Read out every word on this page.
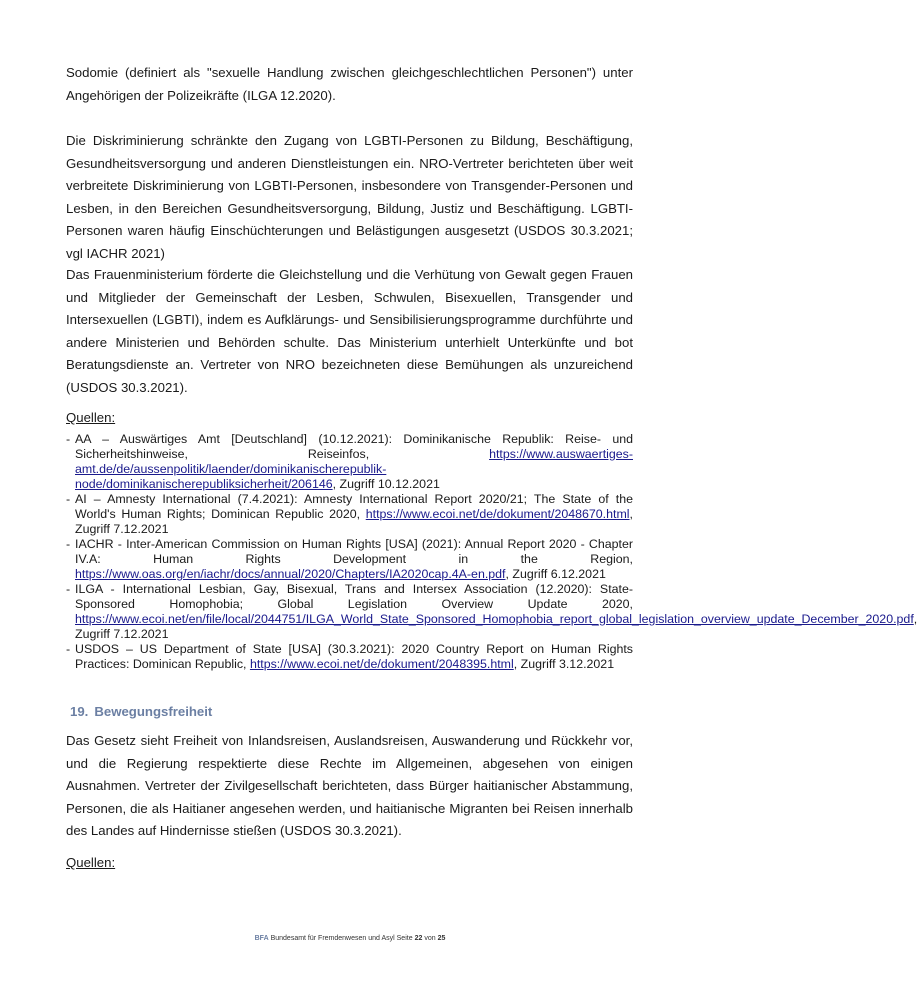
Sodomie (definiert als "sexuelle Handlung zwischen gleichgeschlechtlichen Personen") unter Angehörigen der Polizeikräfte (ILGA 12.2020).

Die Diskriminierung schränkte den Zugang von LGBTI-Personen zu Bildung, Beschäftigung, Gesundheitsversorgung und anderen Dienstleistungen ein. NRO-Vertreter berichteten über weit verbreitete Diskriminierung von LGBTI-Personen, insbesondere von Transgender-Personen und Lesben, in den Bereichen Gesundheitsversorgung, Bildung, Justiz und Beschäftigung. LGBTI-Personen waren häufig Einschüchterungen und Belästigungen ausgesetzt (USDOS 30.3.2021; vgl IACHR 2021)

Das Frauenministerium förderte die Gleichstellung und die Verhütung von Gewalt gegen Frauen und Mitglieder der Gemeinschaft der Lesben, Schwulen, Bisexuellen, Transgender und Intersexuellen (LGBTI), indem es Aufklärungs- und Sensibilisierungsprogramme durchführte und andere Ministerien und Behörden schulte. Das Ministerium unterhielt Unterkünfte und bot Beratungsdienste an. Vertreter von NRO bezeichneten diese Bemühungen als unzureichend (USDOS 30.3.2021).

Quellen:

- AA – Auswärtiges Amt [Deutschland] (10.12.2021): Dominikanische Republik: Reise- und Sicherheitshinweise, Reiseinfos,	https://www.auswaertiges-amt.de/de/aussenpolitik/laender/dominikanischerepublik-node/dominikanischerepubliksicherheit/206146, Zugriff 10.12.2021
- AI – Amnesty International (7.4.2021): Amnesty International Report 2020/21; The State of the World's Human Rights; Dominican Republic 2020, https://www.ecoi.net/de/dokument/2048670.html, Zugriff 7.12.2021
- IACHR - Inter-American Commission on Human Rights [USA] (2021): Annual Report 2020 - Chapter IV.A: Human Rights Development in the Region, https://www.oas.org/en/iachr/docs/annual/2020/Chapters/IA2020cap.4A-en.pdf, Zugriff 6.12.2021
- ILGA - International Lesbian, Gay, Bisexual, Trans and Intersex Association (12.2020): State-Sponsored Homophobia; Global Legislation Overview Update 2020, https://www.ecoi.net/en/file/local/2044751/ILGA_World_State_Sponsored_Homophobia_report_global_legislation_overview_update_December_2020.pdf, Zugriff 7.12.2021
- USDOS – US Department of State [USA] (30.3.2021): 2020 Country Report on Human Rights Practices: Dominican Republic, https://www.ecoi.net/de/dokument/2048395.html, Zugriff 3.12.2021
19. Bewegungsfreiheit

Das Gesetz sieht Freiheit von Inlandsreisen, Auslandsreisen, Auswanderung und Rückkehr vor, und die Regierung respektierte diese Rechte im Allgemeinen, abgesehen von einigen Ausnahmen. Vertreter der Zivilgesellschaft berichteten, dass Bürger haitianischer Abstammung, Personen, die als Haitianer angesehen werden, und haitianische Migranten bei Reisen innerhalb des Landes auf Hindernisse stießen (USDOS 30.3.2021).

Quellen:

BFA Bundesamt für Fremdenwesen und Asyl Seite 22 von 25
